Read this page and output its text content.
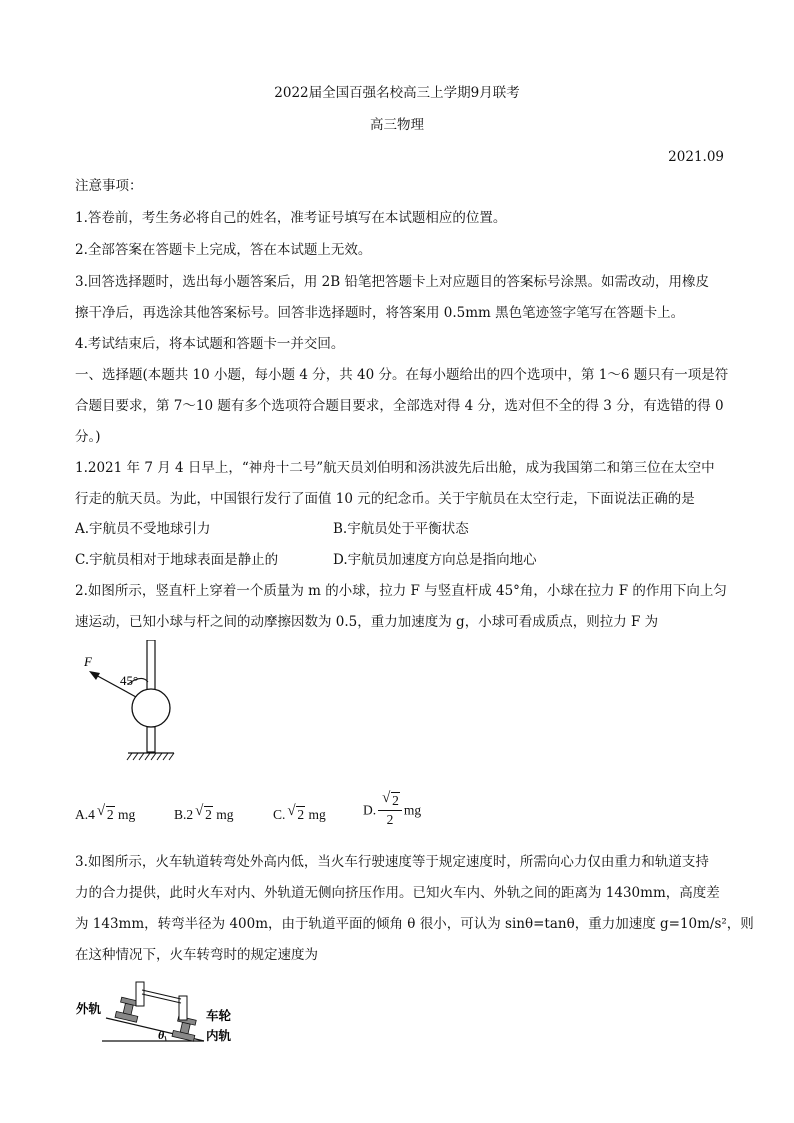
2022届全国百强名校高三上学期9月联考
高三物理
2021.09
注意事项：
1.答卷前，考生务必将自己的姓名，准考证号填写在本试题相应的位置。
2.全部答案在答题卡上完成，答在本试题上无效。
3.回答选择题时，选出每小题答案后，用 2B 铅笔把答题卡上对应题目的答案标号涂黑。如需改动，用橡皮
擦干净后，再选涂其他答案标号。回答非选择题时，将答案用 0.5mm 黑色笔迹签字笔写在答题卡上。
4.考试结束后，将本试题和答题卡一并交回。
一、选择题(本题共 10 小题，每小题 4 分，共 40 分。在每小题给出的四个选项中，第 1～6 题只有一项是符
合题目要求，第 7～10 题有多个选项符合题目要求，全部选对得 4 分，选对但不全的得 3 分，有选错的得 0
分。)
1.2021 年 7 月 4 日早上，“神舟十二号”航天员刘伯明和汤洪波先后出舱，成为我国第二和第三位在太空中
行走的航天员。为此，中国银行发行了面值 10 元的纪念币。关于宇航员在太空行走，下面说法正确的是
A.宇航员不受地球引力	B.宇航员处于平衡状态
C.宇航员相对于地球表面是静止的	D.宇航员加速度方向总是指向地心
2.如图所示，竖直杆上穿着一个质量为 m 的小球，拉力 F 与竖直杆成 45°角，小球在拉力 F 的作用下向上匀
速运动，已知小球与杆之间的动摩擦因数为 0.5，重力加速度为 g，小球可看成质点，则拉力 F 为
F
45°
A.4 √ 2 mg	B.2 √ 2 mg	C. √ 2 mg	D. $\frac{√ 2}{2}$ mg
3.如图所示，火车轨道转弯处外高内低，当火车行驶速度等于规定速度时，所需向心力仅由重力和轨道支持
力的合力提供，此时火车对内、外轨道无侧向挤压作用。已知火车内、外轨之间的距离为 1430mm，高度差
为 143mm，转弯半径为 400m，由于轨道平面的倾角 θ 很小，可认为 sinθ=tanθ，重力加速度 g=10m/s²，则
在这种情况下，火车转弯时的规定速度为
外轨	车轮
内轨
θ
